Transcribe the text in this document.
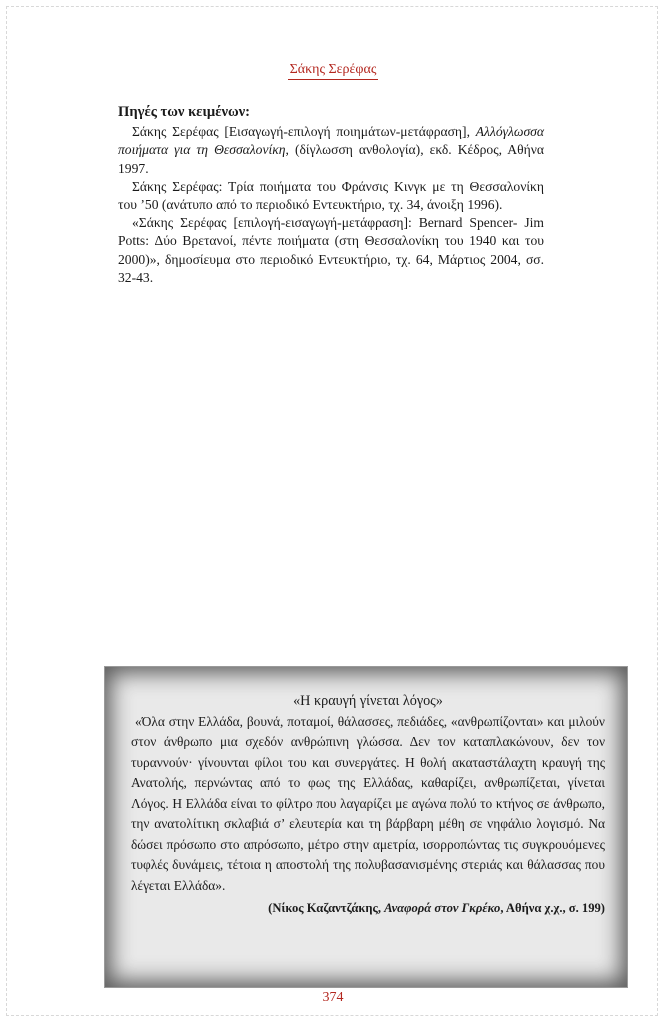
Σάκης Σερέφας
Πηγές των κειμένων:

Σάκης Σερέφας [Εισαγωγή-επιλογή ποιημάτων-μετάφραση], Αλλόγλωσσα ποιήματα για τη Θεσσαλονίκη, (δίγλωσση ανθολογία), εκδ. Κέδρος, Αθήνα 1997.

Σάκης Σερέφας: Τρία ποιήματα του Φράνσις Κινγκ με τη Θεσσαλονίκη του ’50 (ανάτυπο από το περιοδικό Εντευκτήριο, τχ. 34, άνοιξη 1996).

«Σάκης Σερέφας [επιλογή-εισαγωγή-μετάφραση]: Bernard Spencer- Jim Potts: Δύο Βρετανοί, πέντε ποιήματα (στη Θεσσαλονίκη του 1940 και του 2000)», δημοσίευμα στο περιοδικό Εντευκτήριο, τχ. 64, Μάρτιος 2004, σσ. 32-43.

«Η κραυγή γίνεται λόγος»

«Όλα στην Ελλάδα, βουνά, ποταμοί, θάλασσες, πεδιάδες, «ανθρωπίζονται» και μιλούν στον άνθρωπο μια σχεδόν ανθρώπινη γλώσσα. Δεν τον καταπλακώνουν, δεν τον τυραννούν· γίνουνται φίλοι του και συνεργάτες. Η θολή ακαταστάλαχτη κραυγή της Ανατολής, περνώντας από το φως της Ελλάδας, καθαρίζει, ανθρωπίζεται, γίνεται Λόγος. Η Ελλάδα είναι το φίλτρο που λαγαρίζει με αγώνα πολύ το κτήνος σε άνθρωπο, την ανατολίτικη σκλαβιά σ’ ελευτερία και τη βάρβαρη μέθη σε νηφάλιο λογισμό. Να δώσει πρόσωπο στο απρόσωπο, μέτρο στην αμετρία, ισορροπώντας τις συγκρουόμενες τυφλές δυνάμεις, τέτοια η αποστολή της πολυβασανισμένης στεριάς και θάλασσας που λέγεται Ελλάδα».

(Νίκος Καζαντζάκης, Αναφορά στον Γκρέκο, Αθήνα χ.χ., σ. 199)
374
